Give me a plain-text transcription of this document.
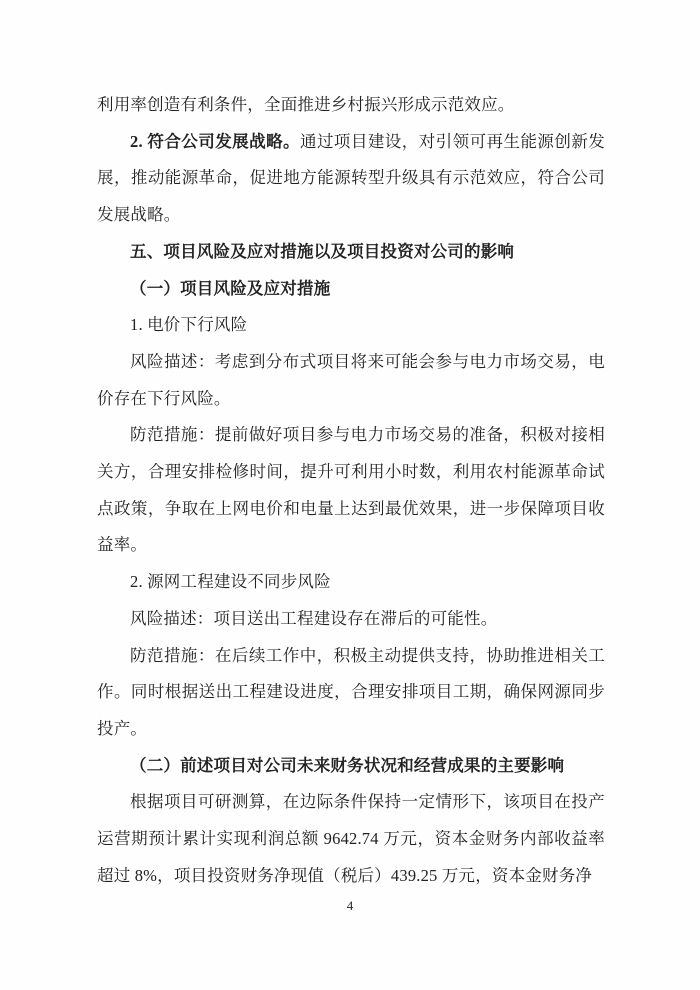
利用率创造有利条件，全面推进乡村振兴形成示范效应。

2. 符合公司发展战略。通过项目建设，对引领可再生能源创新发展，推动能源革命，促进地方能源转型升级具有示范效应，符合公司发展战略。

五、项目风险及应对措施以及项目投资对公司的影响

（一）项目风险及应对措施

1. 电价下行风险

风险描述：考虑到分布式项目将来可能会参与电力市场交易，电价存在下行风险。

防范措施：提前做好项目参与电力市场交易的准备，积极对接相关方，合理安排检修时间，提升可利用小时数，利用农村能源革命试点政策，争取在上网电价和电量上达到最优效果，进一步保障项目收益率。

2. 源网工程建设不同步风险

风险描述：项目送出工程建设存在滞后的可能性。

防范措施：在后续工作中，积极主动提供支持，协助推进相关工作。同时根据送出工程建设进度，合理安排项目工期，确保网源同步投产。

（二）前述项目对公司未来财务状况和经营成果的主要影响

根据项目可研测算，在边际条件保持一定情形下，该项目在投产运营期预计累计实现利润总额 9642.74 万元，资本金财务内部收益率超过 8%，项目投资财务净现值（税后）439.25 万元，资本金财务净

4
